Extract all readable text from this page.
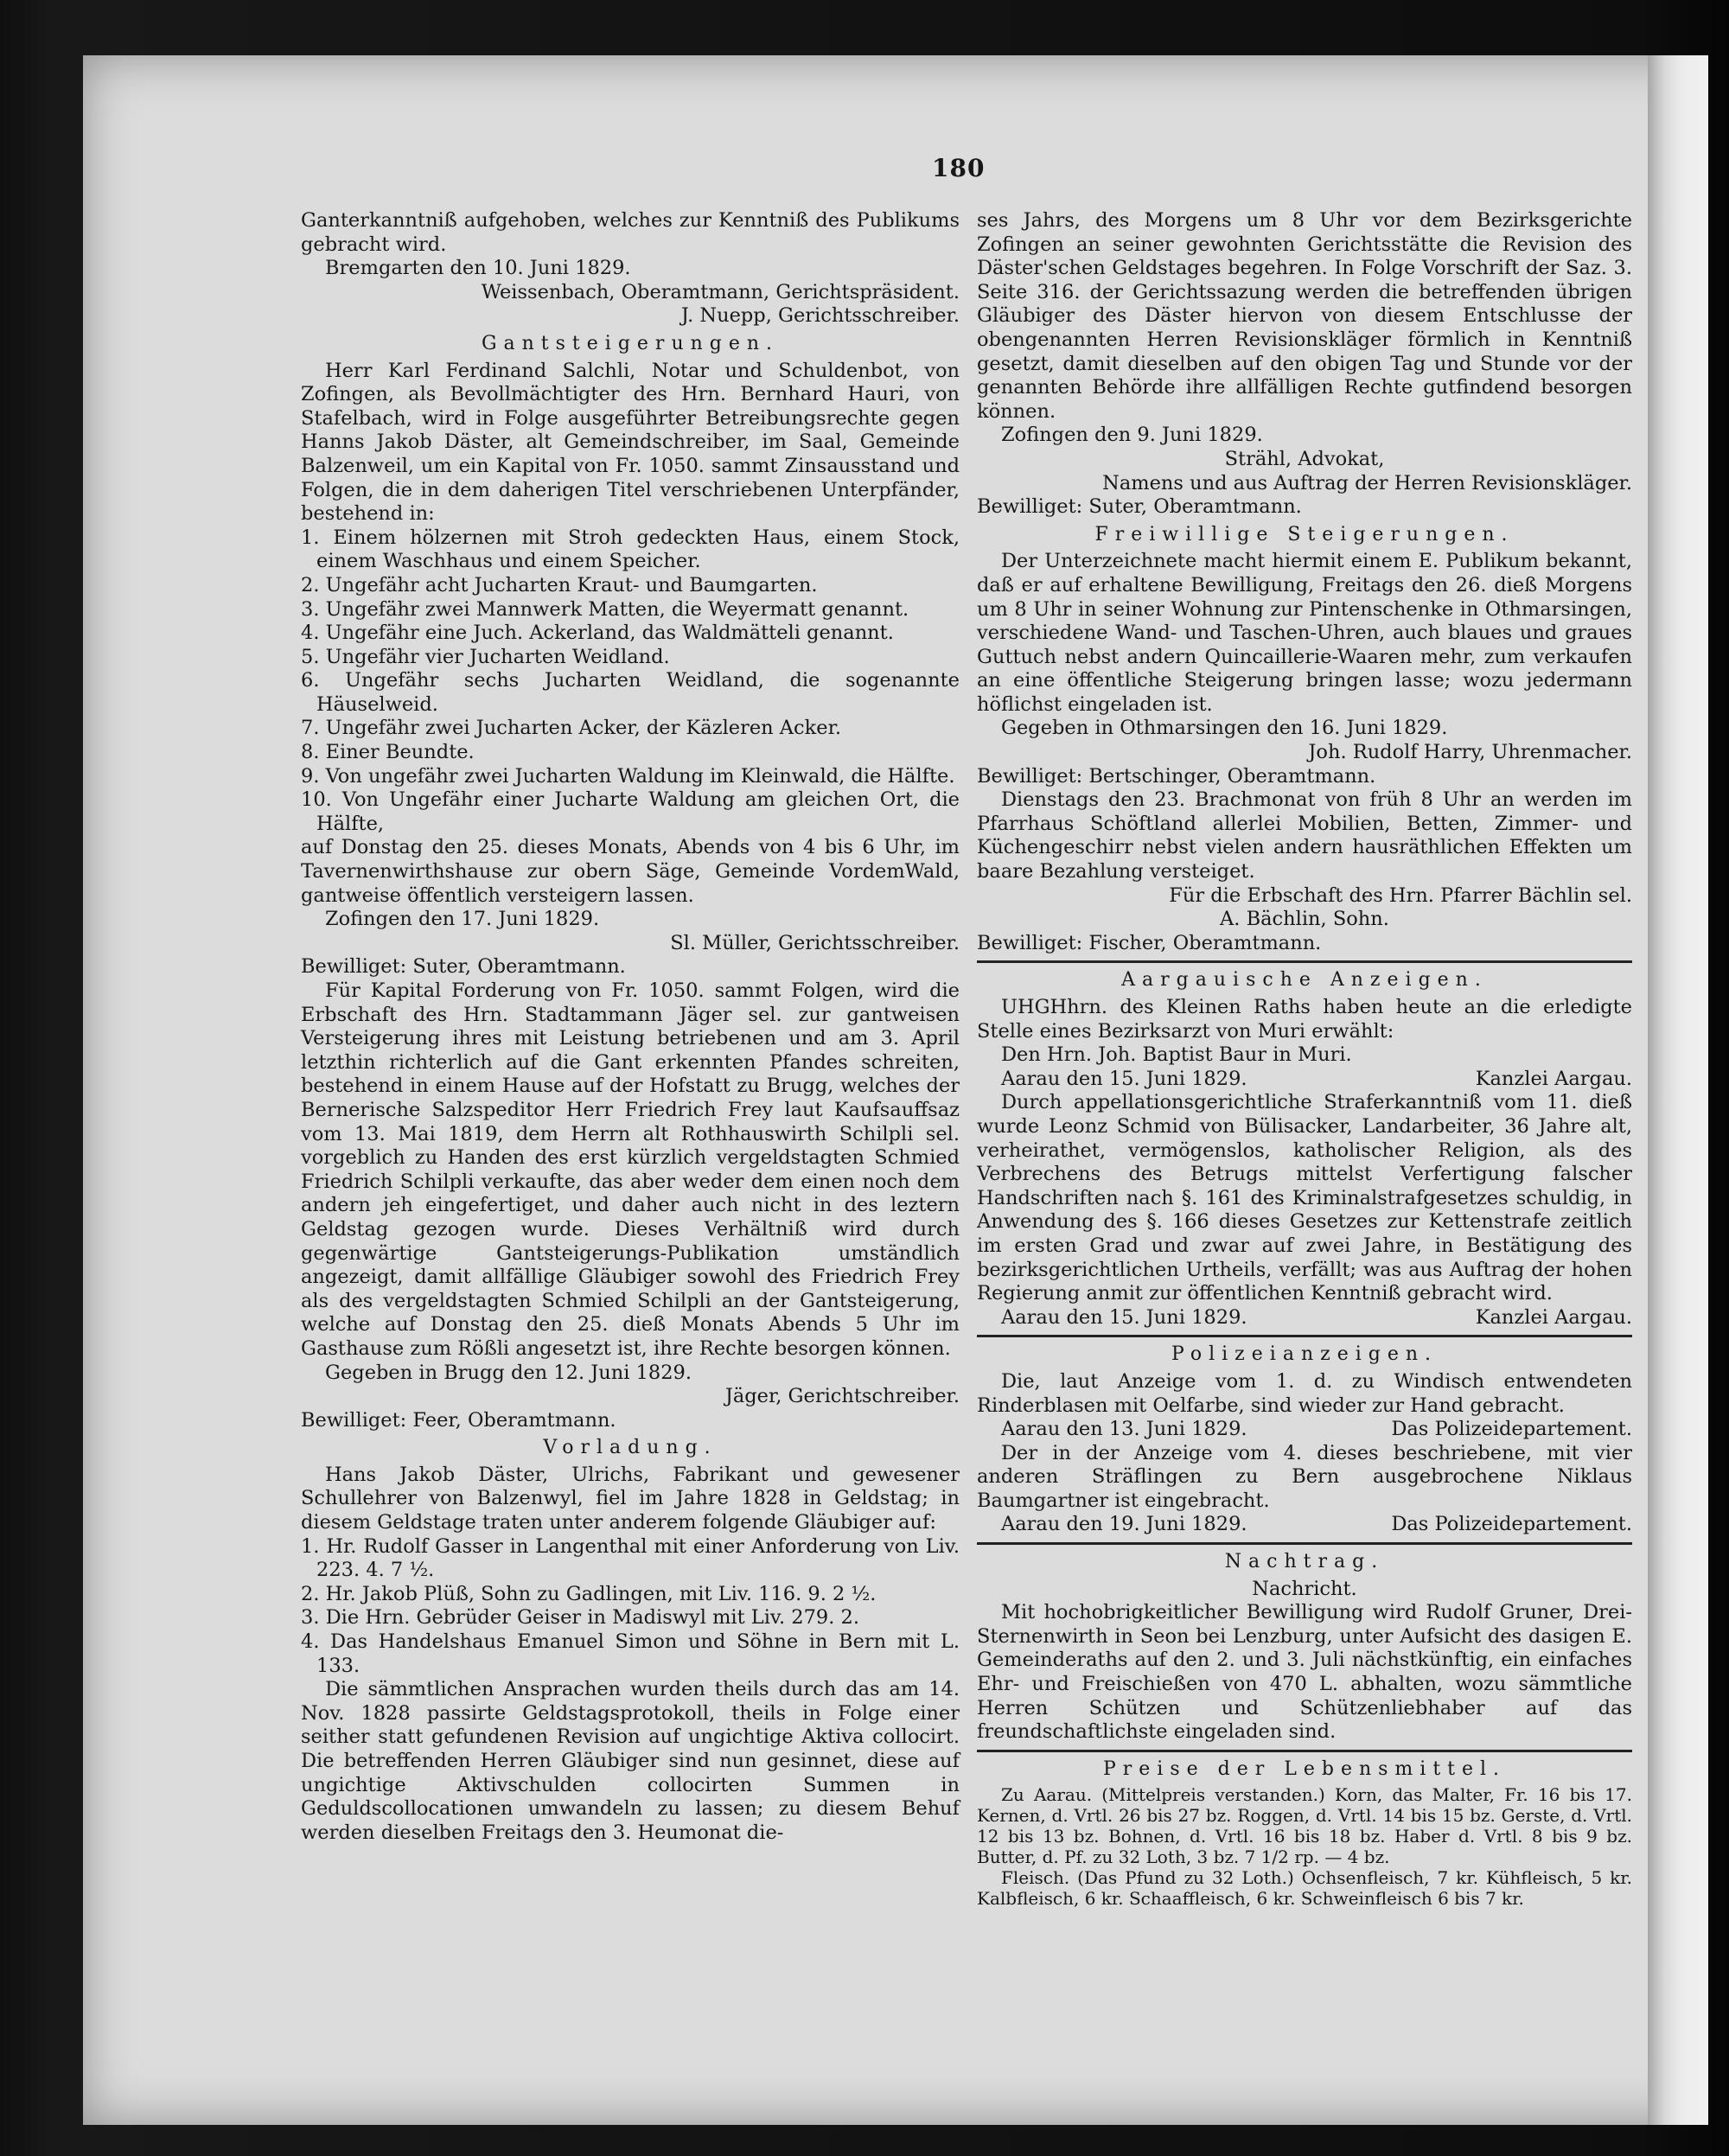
180

Ganterkanntniß aufgehoben, welches zur Kenntniß des Publikums gebracht wird.

Bremgarten den 10. Juni 1829.

Weissenbach, Oberamtmann, Gerichtspräsident.
J. Nuepp, Gerichtsschreiber.
Gantsteigerungen.

Herr Karl Ferdinand Salchli, Notar und Schuldenbot, von Zofingen, als Bevollmächtigter des Hrn. Bernhard Hauri, von Stafelbach, wird in Folge ausgeführter Betreibungsrechte gegen Hanns Jakob Däster, alt Gemeindschreiber, im Saal, Gemeinde Balzenweil, um ein Kapital von Fr. 1050. sammt Zinsausstand und Folgen, die in dem daherigen Titel verschriebenen Unterpfänder, bestehend in:

1. Einem hölzernen mit Stroh gedeckten Haus, einem Stock, einem Waschhaus und einem Speicher.
2. Ungefähr acht Jucharten Kraut- und Baumgarten.
3. Ungefähr zwei Mannwerk Matten, die Weyermatt genannt.
4. Ungefähr eine Juch. Ackerland, das Waldmätteli genannt.
5. Ungefähr vier Jucharten Weidland.
6. Ungefähr sechs Jucharten Weidland, die sogenannte Häuselweid.
7. Ungefähr zwei Jucharten Acker, der Käzleren Acker.
8. Einer Beundte.
9. Von ungefähr zwei Jucharten Waldung im Kleinwald, die Hälfte.
10. Von Ungefähr einer Jucharte Waldung am gleichen Ort, die Hälfte,

auf Donstag den 25. dieses Monats, Abends von 4 bis 6 Uhr, im Tavernenwirthshause zur obern Säge, Gemeinde VordemWald, gantweise öffentlich versteigern lassen.

Zofingen den 17. Juni 1829.

Sl. Müller, Gerichtsschreiber.
Bewilliget: Suter, Oberamtmann.

Für Kapital Forderung von Fr. 1050. sammt Folgen, wird die Erbschaft des Hrn. Stadtammann Jäger sel. zur gantweisen Versteigerung ihres mit Leistung betriebenen und am 3. April letzthin richterlich auf die Gant erkennten Pfandes schreiten, bestehend in einem Hause auf der Hofstatt zu Brugg, welches der Bernerische Salzspeditor Herr Friedrich Frey laut Kaufsauffsaz vom 13. Mai 1819, dem Herrn alt Rothhauswirth Schilpli sel. vorgeblich zu Handen des erst kürzlich vergeldstagten Schmied Friedrich Schilpli verkaufte, das aber weder dem einen noch dem andern jeh eingefertiget, und daher auch nicht in des leztern Geldstag gezogen wurde. Dieses Verhältniß wird durch gegenwärtige Gantsteigerungs-Publikation umständlich angezeigt, damit allfällige Gläubiger sowohl des Friedrich Frey als des vergeldstagten Schmied Schilpli an der Gantsteigerung, welche auf Donstag den 25. dieß Monats Abends 5 Uhr im Gasthause zum Rößli angesetzt ist, ihre Rechte besorgen können.

Gegeben in Brugg den 12. Juni 1829.

Jäger, Gerichtschreiber.
Bewilliget: Feer, Oberamtmann.
Vorladung.

Hans Jakob Däster, Ulrichs, Fabrikant und gewesener Schullehrer von Balzenwyl, fiel im Jahre 1828 in Geldstag; in diesem Geldstage traten unter anderem folgende Gläubiger auf:

1. Hr. Rudolf Gasser in Langenthal mit einer Anforderung von Liv. 223. 4. 7 ½.
2. Hr. Jakob Plüß, Sohn zu Gadlingen, mit Liv. 116. 9. 2 ½.
3. Die Hrn. Gebrüder Geiser in Madiswyl mit Liv. 279. 2.
4. Das Handelshaus Emanuel Simon und Söhne in Bern mit L. 133.

Die sämmtlichen Ansprachen wurden theils durch das am 14. Nov. 1828 passirte Geldstagsprotokoll, theils in Folge einer seither statt gefundenen Revision auf ungichtige Aktiva collocirt. Die betreffenden Herren Gläubiger sind nun gesinnet, diese auf ungichtige Aktivschulden collocirten Summen in Geduldscollocationen umwandeln zu lassen; zu diesem Behuf werden dieselben Freitags den 3. Heumonat die-

ses Jahrs, des Morgens um 8 Uhr vor dem Bezirksgerichte Zofingen an seiner gewohnten Gerichtsstätte die Revision des Däster'schen Geldstages begehren. In Folge Vorschrift der Saz. 3. Seite 316. der Gerichtssazung werden die betreffenden übrigen Gläubiger des Däster hiervon von diesem Entschlusse der obengenannten Herren Revisionskläger förmlich in Kenntniß gesetzt, damit dieselben auf den obigen Tag und Stunde vor der genannten Behörde ihre allfälligen Rechte gutfindend besorgen können.

Zofingen den 9. Juni 1829.

Strähl, Advokat,
Namens und aus Auftrag der Herren Revisionskläger.
Bewilliget: Suter, Oberamtmann.
Freiwillige Steigerungen.

Der Unterzeichnete macht hiermit einem E. Publikum bekannt, daß er auf erhaltene Bewilligung, Freitags den 26. dieß Morgens um 8 Uhr in seiner Wohnung zur Pintenschenke in Othmarsingen, verschiedene Wand- und Taschen-Uhren, auch blaues und graues Guttuch nebst andern Quincaillerie-Waaren mehr, zum verkaufen an eine öffentliche Steigerung bringen lasse; wozu jedermann höflichst eingeladen ist.

Gegeben in Othmarsingen den 16. Juni 1829.

Joh. Rudolf Harry, Uhrenmacher.
Bewilliget: Bertschinger, Oberamtmann.

Dienstags den 23. Brachmonat von früh 8 Uhr an werden im Pfarrhaus Schöftland allerlei Mobilien, Betten, Zimmer- und Küchengeschirr nebst vielen andern hausräthlichen Effekten um baare Bezahlung versteiget.

Für die Erbschaft des Hrn. Pfarrer Bächlin sel.
A. Bächlin, Sohn.
Bewilliget: Fischer, Oberamtmann.
Aargauische Anzeigen.

UHGHhrn. des Kleinen Raths haben heute an die erledigte Stelle eines Bezirksarzt von Muri erwählt:

Den Hrn. Joh. Baptist Baur in Muri.

Aarau den 15. Juni 1829.	Kanzlei Aargau.

Durch appellationsgerichtliche Straferkanntniß vom 11. dieß wurde Leonz Schmid von Bülisacker, Landarbeiter, 36 Jahre alt, verheirathet, vermögenslos, katholischer Religion, als des Verbrechens des Betrugs mittelst Verfertigung falscher Handschriften nach §. 161 des Kriminalstrafgesetzes schuldig, in Anwendung des §. 166 dieses Gesetzes zur Kettenstrafe zeitlich im ersten Grad und zwar auf zwei Jahre, in Bestätigung des bezirksgerichtlichen Urtheils, verfällt; was aus Auftrag der hohen Regierung anmit zur öffentlichen Kenntniß gebracht wird.

Aarau den 15. Juni 1829.	Kanzlei Aargau.
Polizeianzeigen.

Die, laut Anzeige vom 1. d. zu Windisch entwendeten Rinderblasen mit Oelfarbe, sind wieder zur Hand gebracht.

Aarau den 13. Juni 1829.	Das Polizeidepartement.

Der in der Anzeige vom 4. dieses beschriebene, mit vier anderen Sträflingen zu Bern ausgebrochene Niklaus Baumgartner ist eingebracht.

Aarau den 19. Juni 1829.	Das Polizeidepartement.
Nachtrag.
Nachricht.

Mit hochobrigkeitlicher Bewilligung wird Rudolf Gruner, Drei-Sternenwirth in Seon bei Lenzburg, unter Aufsicht des dasigen E. Gemeinderaths auf den 2. und 3. Juli nächstkünftig, ein einfaches Ehr- und Freischießen von 470 L. abhalten, wozu sämmtliche Herren Schützen und Schützenliebhaber auf das freundschaftlichste eingeladen sind.

Preise der Lebensmittel.

Zu Aarau. (Mittelpreis verstanden.) Korn, das Malter, Fr. 16 bis 17. Kernen, d. Vrtl. 26 bis 27 bz. Roggen, d. Vrtl. 14 bis 15 bz. Gerste, d. Vrtl. 12 bis 13 bz. Bohnen, d. Vrtl. 16 bis 18 bz. Haber d. Vrtl. 8 bis 9 bz. Butter, d. Pf. zu 32 Loth, 3 bz. 7 1/2 rp. — 4 bz.

Fleisch. (Das Pfund zu 32 Loth.) Ochsenfleisch, 7 kr. Kühfleisch, 5 kr. Kalbfleisch, 6 kr. Schaaffleisch, 6 kr. Schweinfleisch 6 bis 7 kr.
